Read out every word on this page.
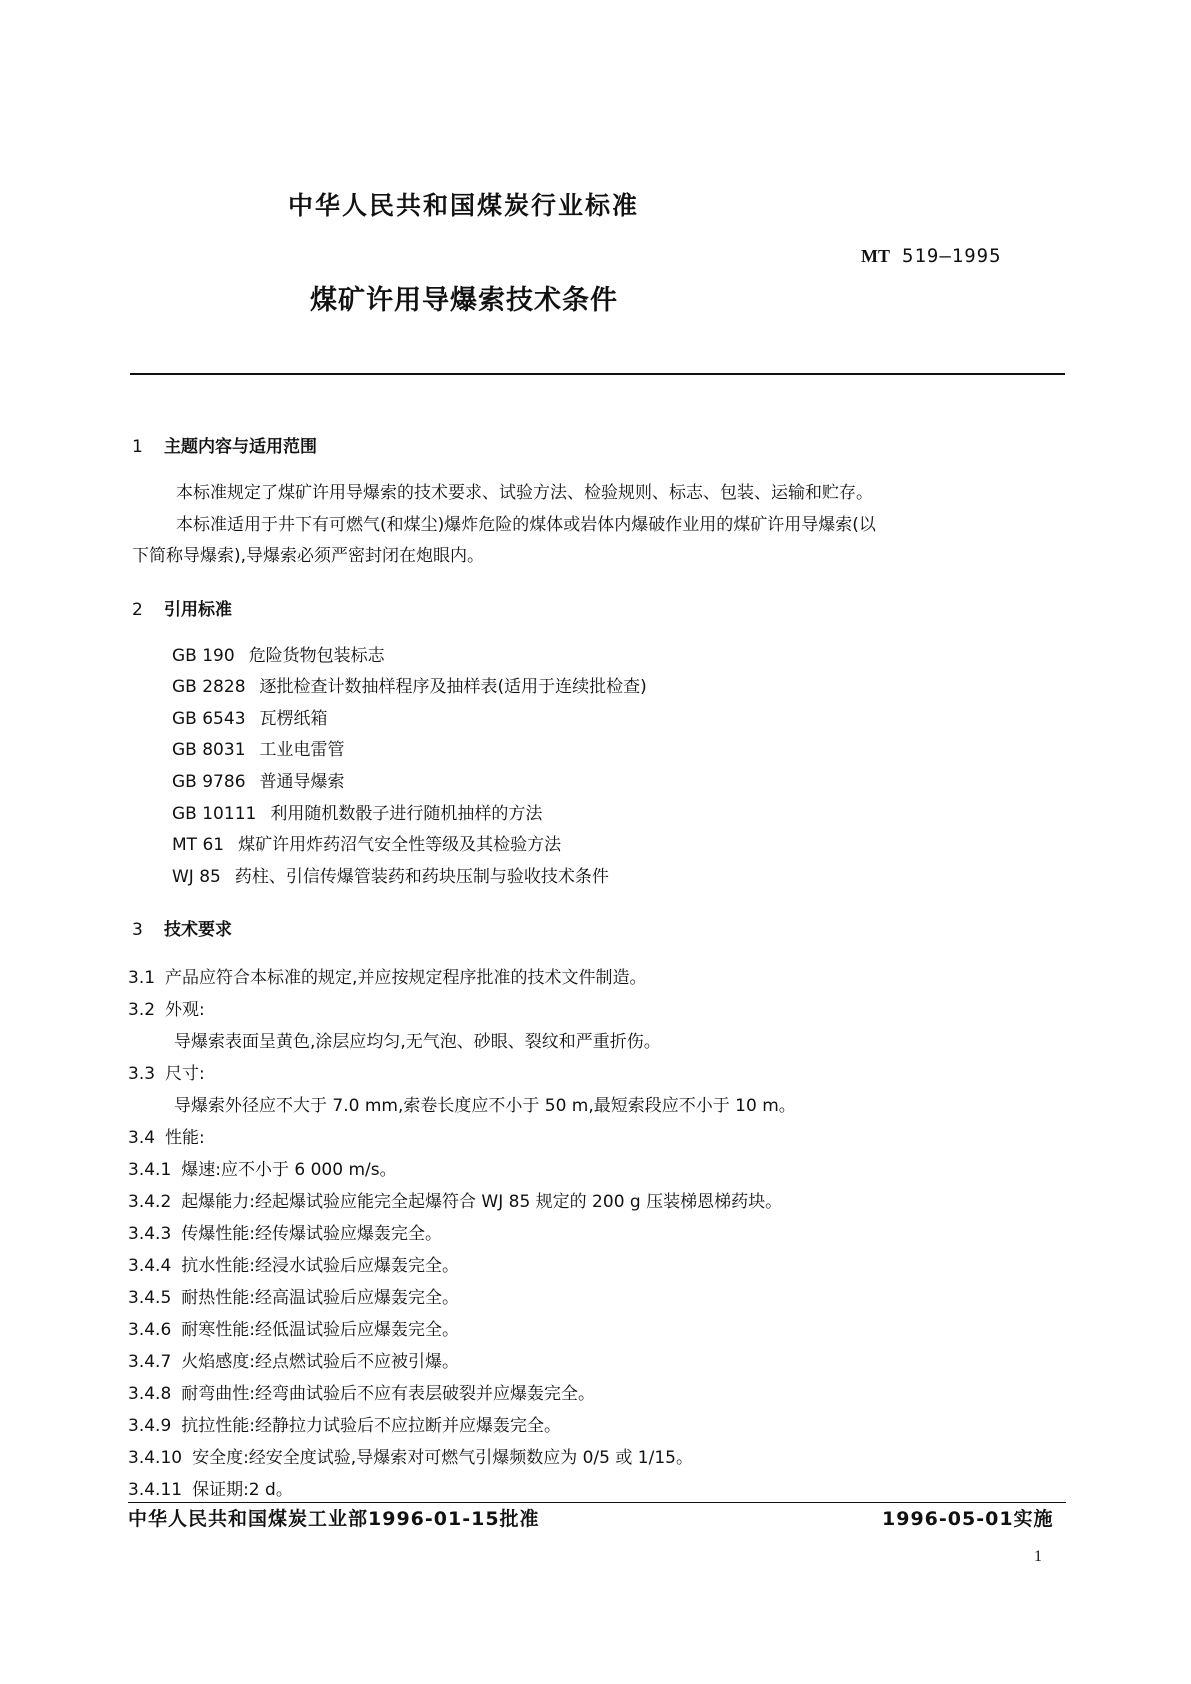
中华人民共和国煤炭行业标准
MT 519—1995
煤矿许用导爆索技术条件
1 主题内容与适用范围
本标准规定了煤矿许用导爆索的技术要求、试验方法、检验规则、标志、包装、运输和贮存。
本标准适用于井下有可燃气(和煤尘)爆炸危险的煤体或岩体内爆破作业用的煤矿许用导爆索(以
下简称导爆索),导爆索必须严密封闭在炮眼内。
2 引用标准
GB 190 危险货物包装标志
GB 2828 逐批检查计数抽样程序及抽样表(适用于连续批检查)
GB 6543 瓦楞纸箱
GB 8031 工业电雷管
GB 9786 普通导爆索
GB 10111 利用随机数骰子进行随机抽样的方法
MT 61 煤矿许用炸药沼气安全性等级及其检验方法
WJ 85 药柱、引信传爆管装药和药块压制与验收技术条件
3 技术要求
3.1 产品应符合本标准的规定,并应按规定程序批准的技术文件制造。
3.2 外观:
导爆索表面呈黄色,涂层应均匀,无气泡、砂眼、裂纹和严重折伤。
3.3 尺寸:
导爆索外径应不大于 7.0 mm,索卷长度应不小于 50 m,最短索段应不小于 10 m。
3.4 性能:
3.4.1 爆速:应不小于 6 000 m/s。
3.4.2 起爆能力:经起爆试验应能完全起爆符合 WJ 85 规定的 200 g 压装梯恩梯药块。
3.4.3 传爆性能:经传爆试验应爆轰完全。
3.4.4 抗水性能:经浸水试验后应爆轰完全。
3.4.5 耐热性能:经高温试验后应爆轰完全。
3.4.6 耐寒性能:经低温试验后应爆轰完全。
3.4.7 火焰感度:经点燃试验后不应被引爆。
3.4.8 耐弯曲性:经弯曲试验后不应有表层破裂并应爆轰完全。
3.4.9 抗拉性能:经静拉力试验后不应拉断并应爆轰完全。
3.4.10 安全度:经安全度试验,导爆索对可燃气引爆频数应为 0/5 或 1/15。
3.4.11 保证期:2 d。
中华人民共和国煤炭工业部1996-01-15批准	1996-05-01实施
1
